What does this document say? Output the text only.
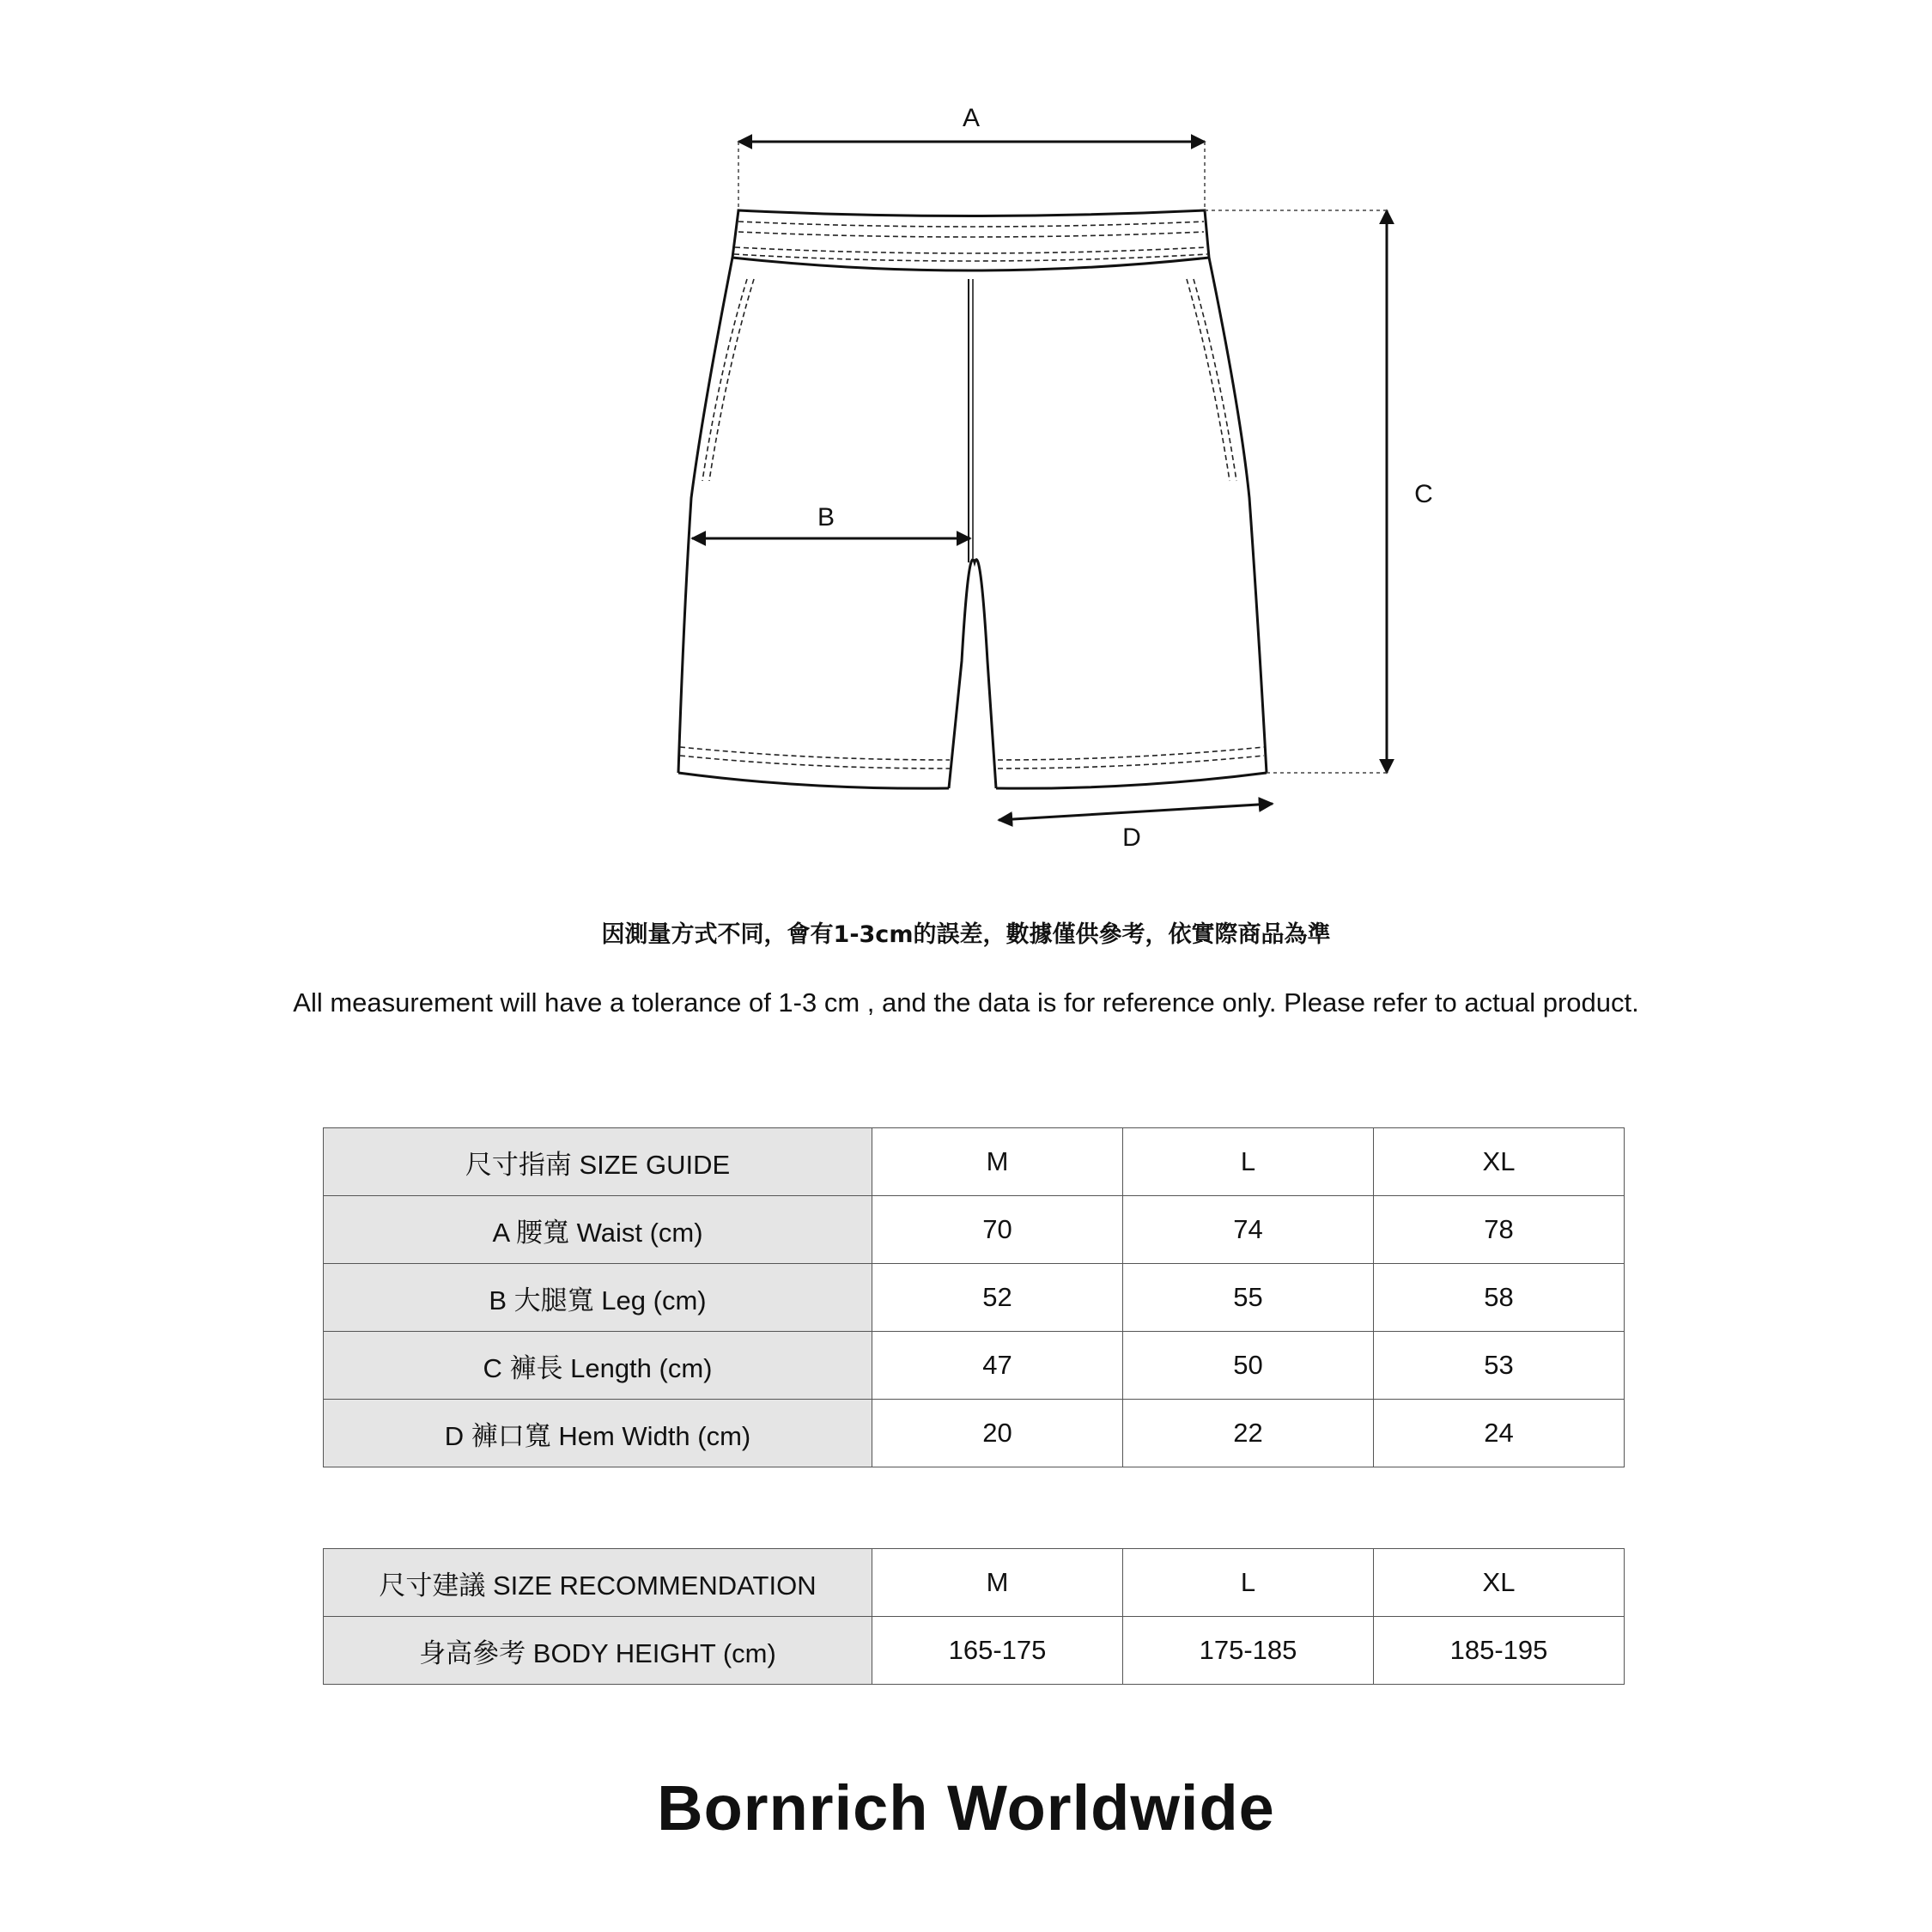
A
B
C
D

因測量方式不同，會有1-3cm的誤差，數據僅供參考，依實際商品為準

All measurement will have a tolerance of 1-3 cm , and the data is for reference only. Please refer to actual product.

尺寸指南 SIZE GUIDE	M	L	XL
A 腰寬 Waist (cm)	70	74	78
B 大腿寬 Leg (cm)	52	55	58
C 褲長 Length (cm)	47	50	53
D 褲口寬 Hem Width (cm)	20	22	24
尺寸建議 SIZE RECOMMENDATION	M	L	XL
身高參考 BODY HEIGHT (cm)	165-175	175-185	185-195

Bornrich Worldwide
